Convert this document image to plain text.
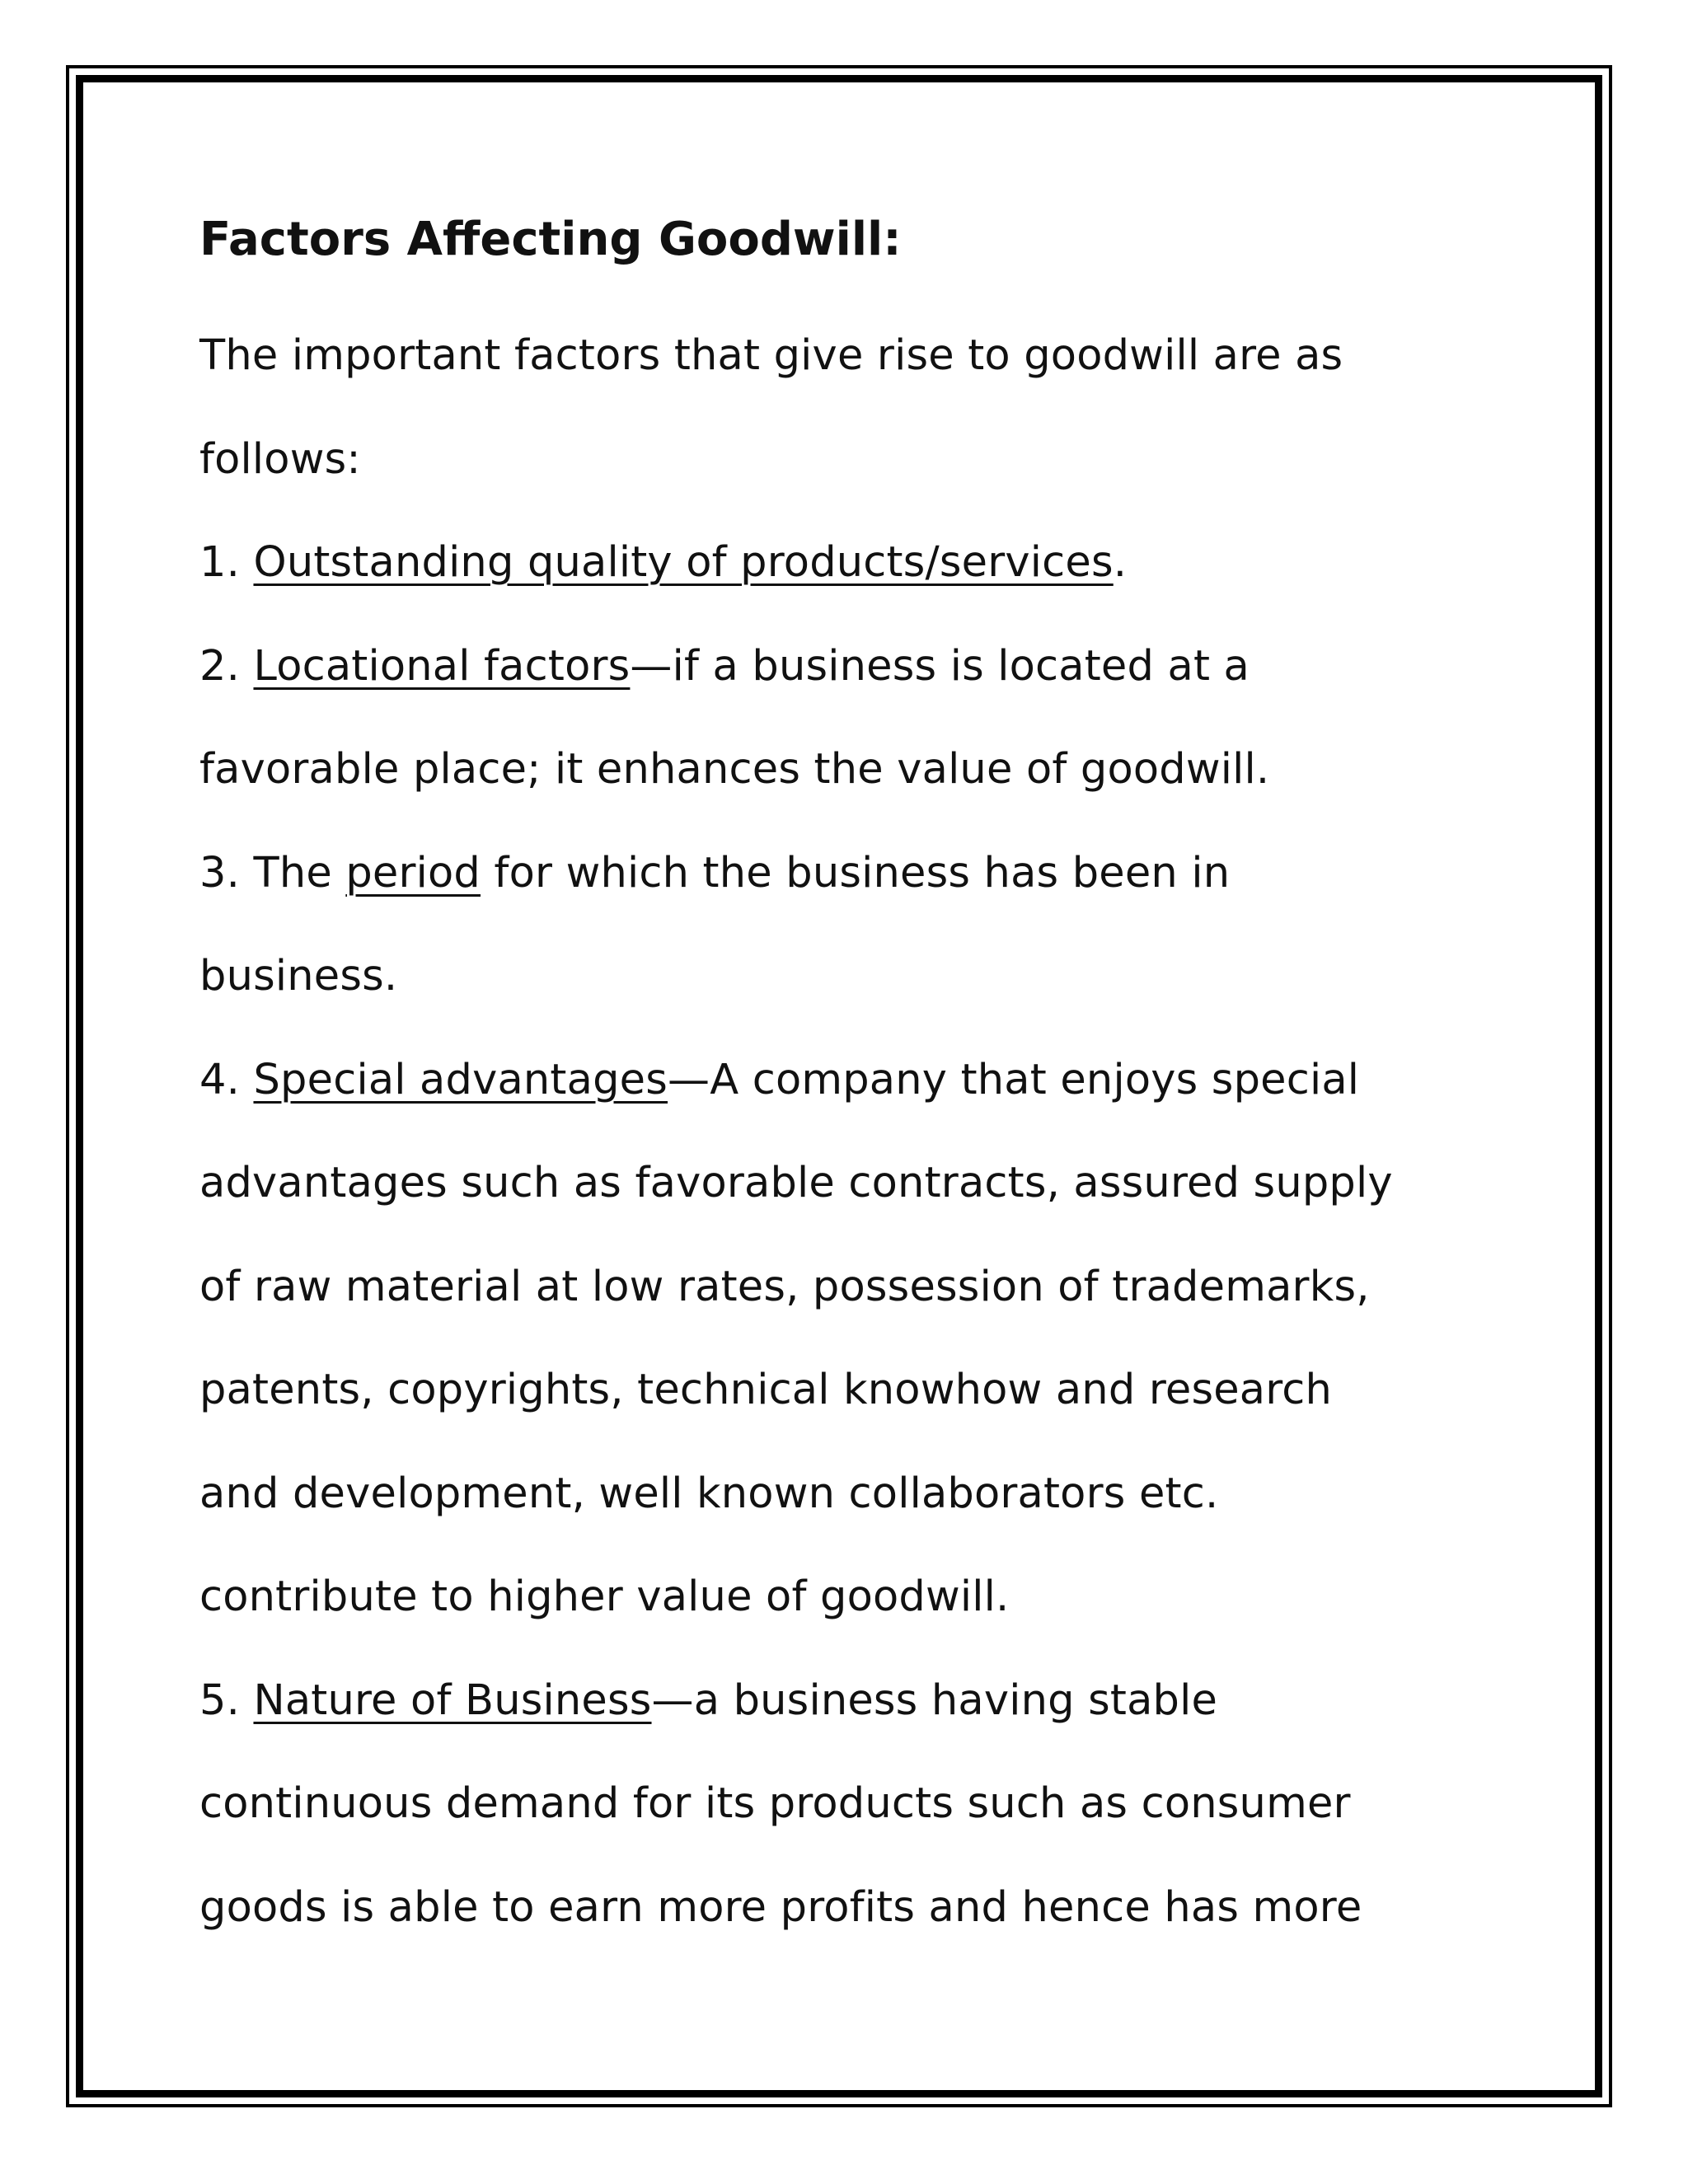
Factors Affecting Goodwill:
The important factors that give rise to goodwill are as
follows:
1. Outstanding quality of products/services.
2. Locational factors—if a business is located at a
favorable place; it enhances the value of goodwill.
3. The period for which the business has been in
business.
4. Special advantages—A company that enjoys special
advantages such as favorable contracts, assured supply
of raw material at low rates, possession of trademarks,
patents, copyrights, technical knowhow and research
and development, well known collaborators etc.
contribute to higher value of goodwill.
5. Nature of Business—a business having stable
continuous demand for its products such as consumer
goods is able to earn more profits and hence has more
